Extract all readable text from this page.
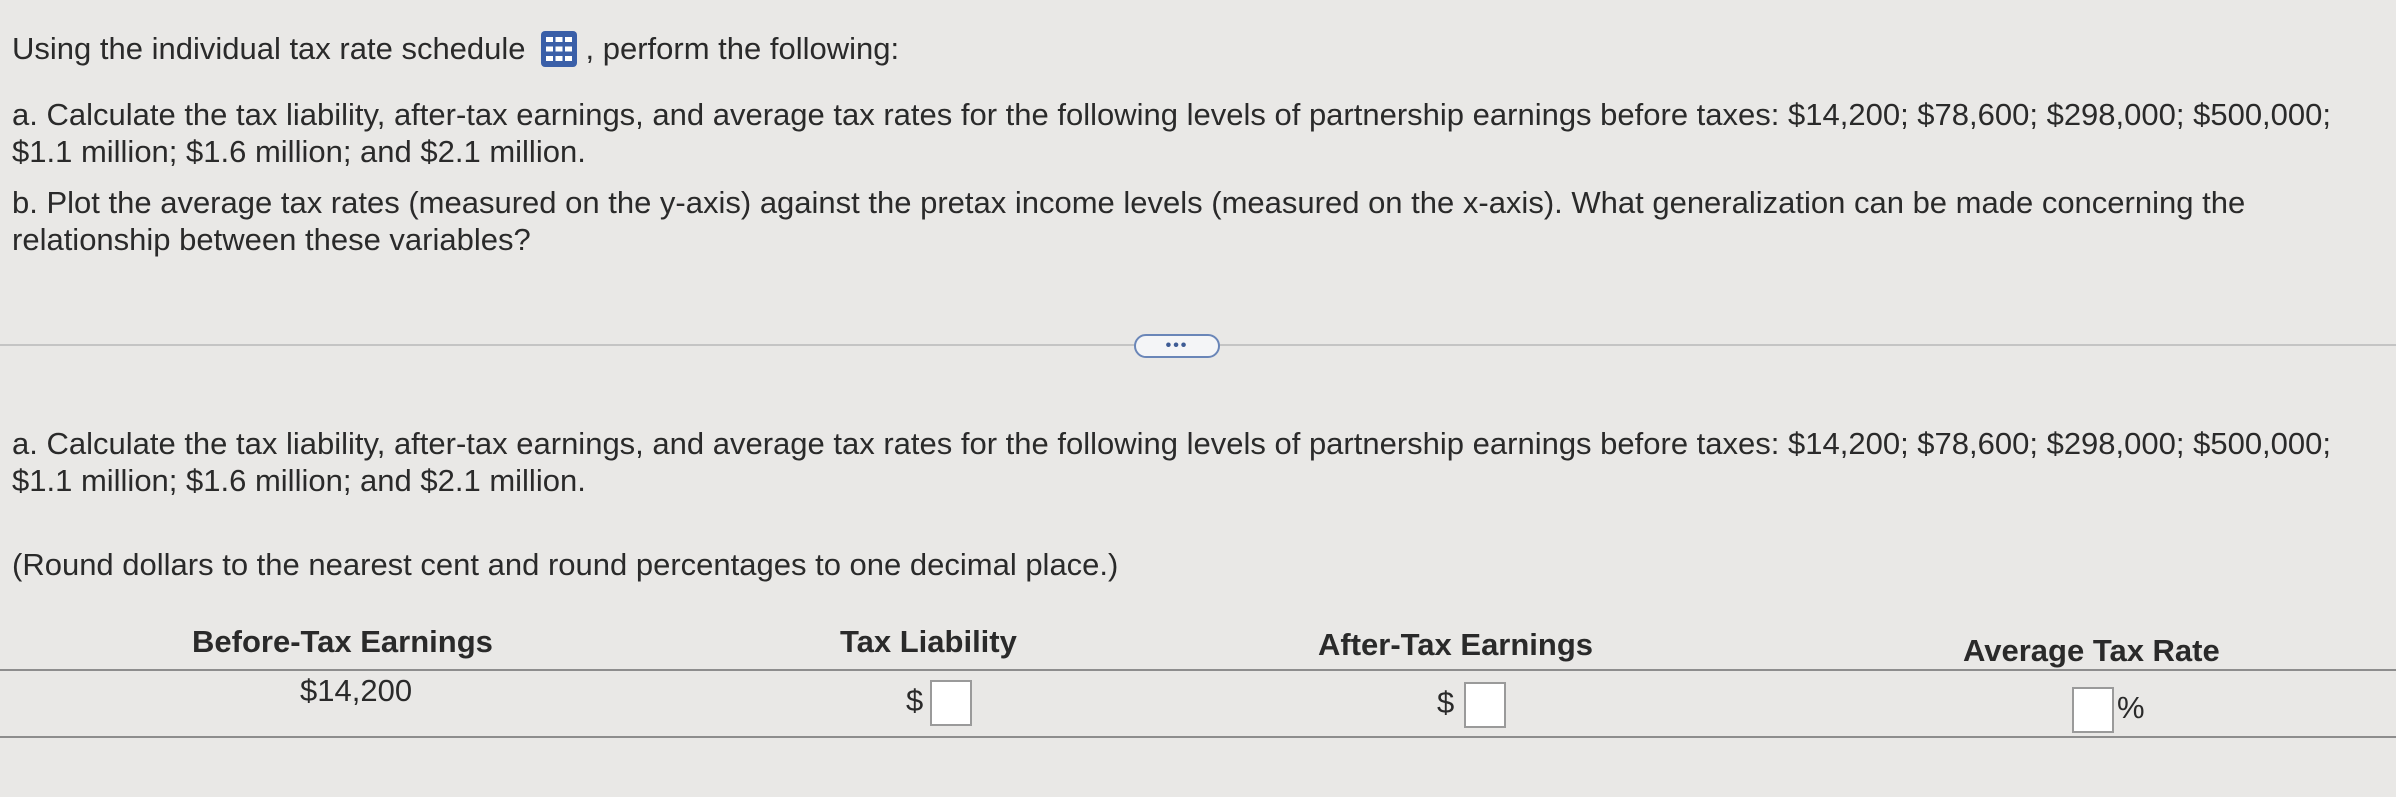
Using the individual tax rate schedule , perform the following:
a. Calculate the tax liability, after-tax earnings, and average tax rates for the following levels of partnership earnings before taxes: $14,200; $78,600; $298,000; $500,000; $1.1 million; $1.6 million; and $2.1 million.
b. Plot the average tax rates (measured on the y-axis) against the pretax income levels (measured on the x-axis). What generalization can be made concerning the relationship between these variables?
•••
a. Calculate the tax liability, after-tax earnings, and average tax rates for the following levels of partnership earnings before taxes: $14,200; $78,600; $298,000; $500,000; $1.1 million; $1.6 million; and $2.1 million.
(Round dollars to the nearest cent and round percentages to one decimal place.)
Before-Tax Earnings	Tax Liability	After-Tax Earnings	Average Tax Rate
$14,200	$	$	%
